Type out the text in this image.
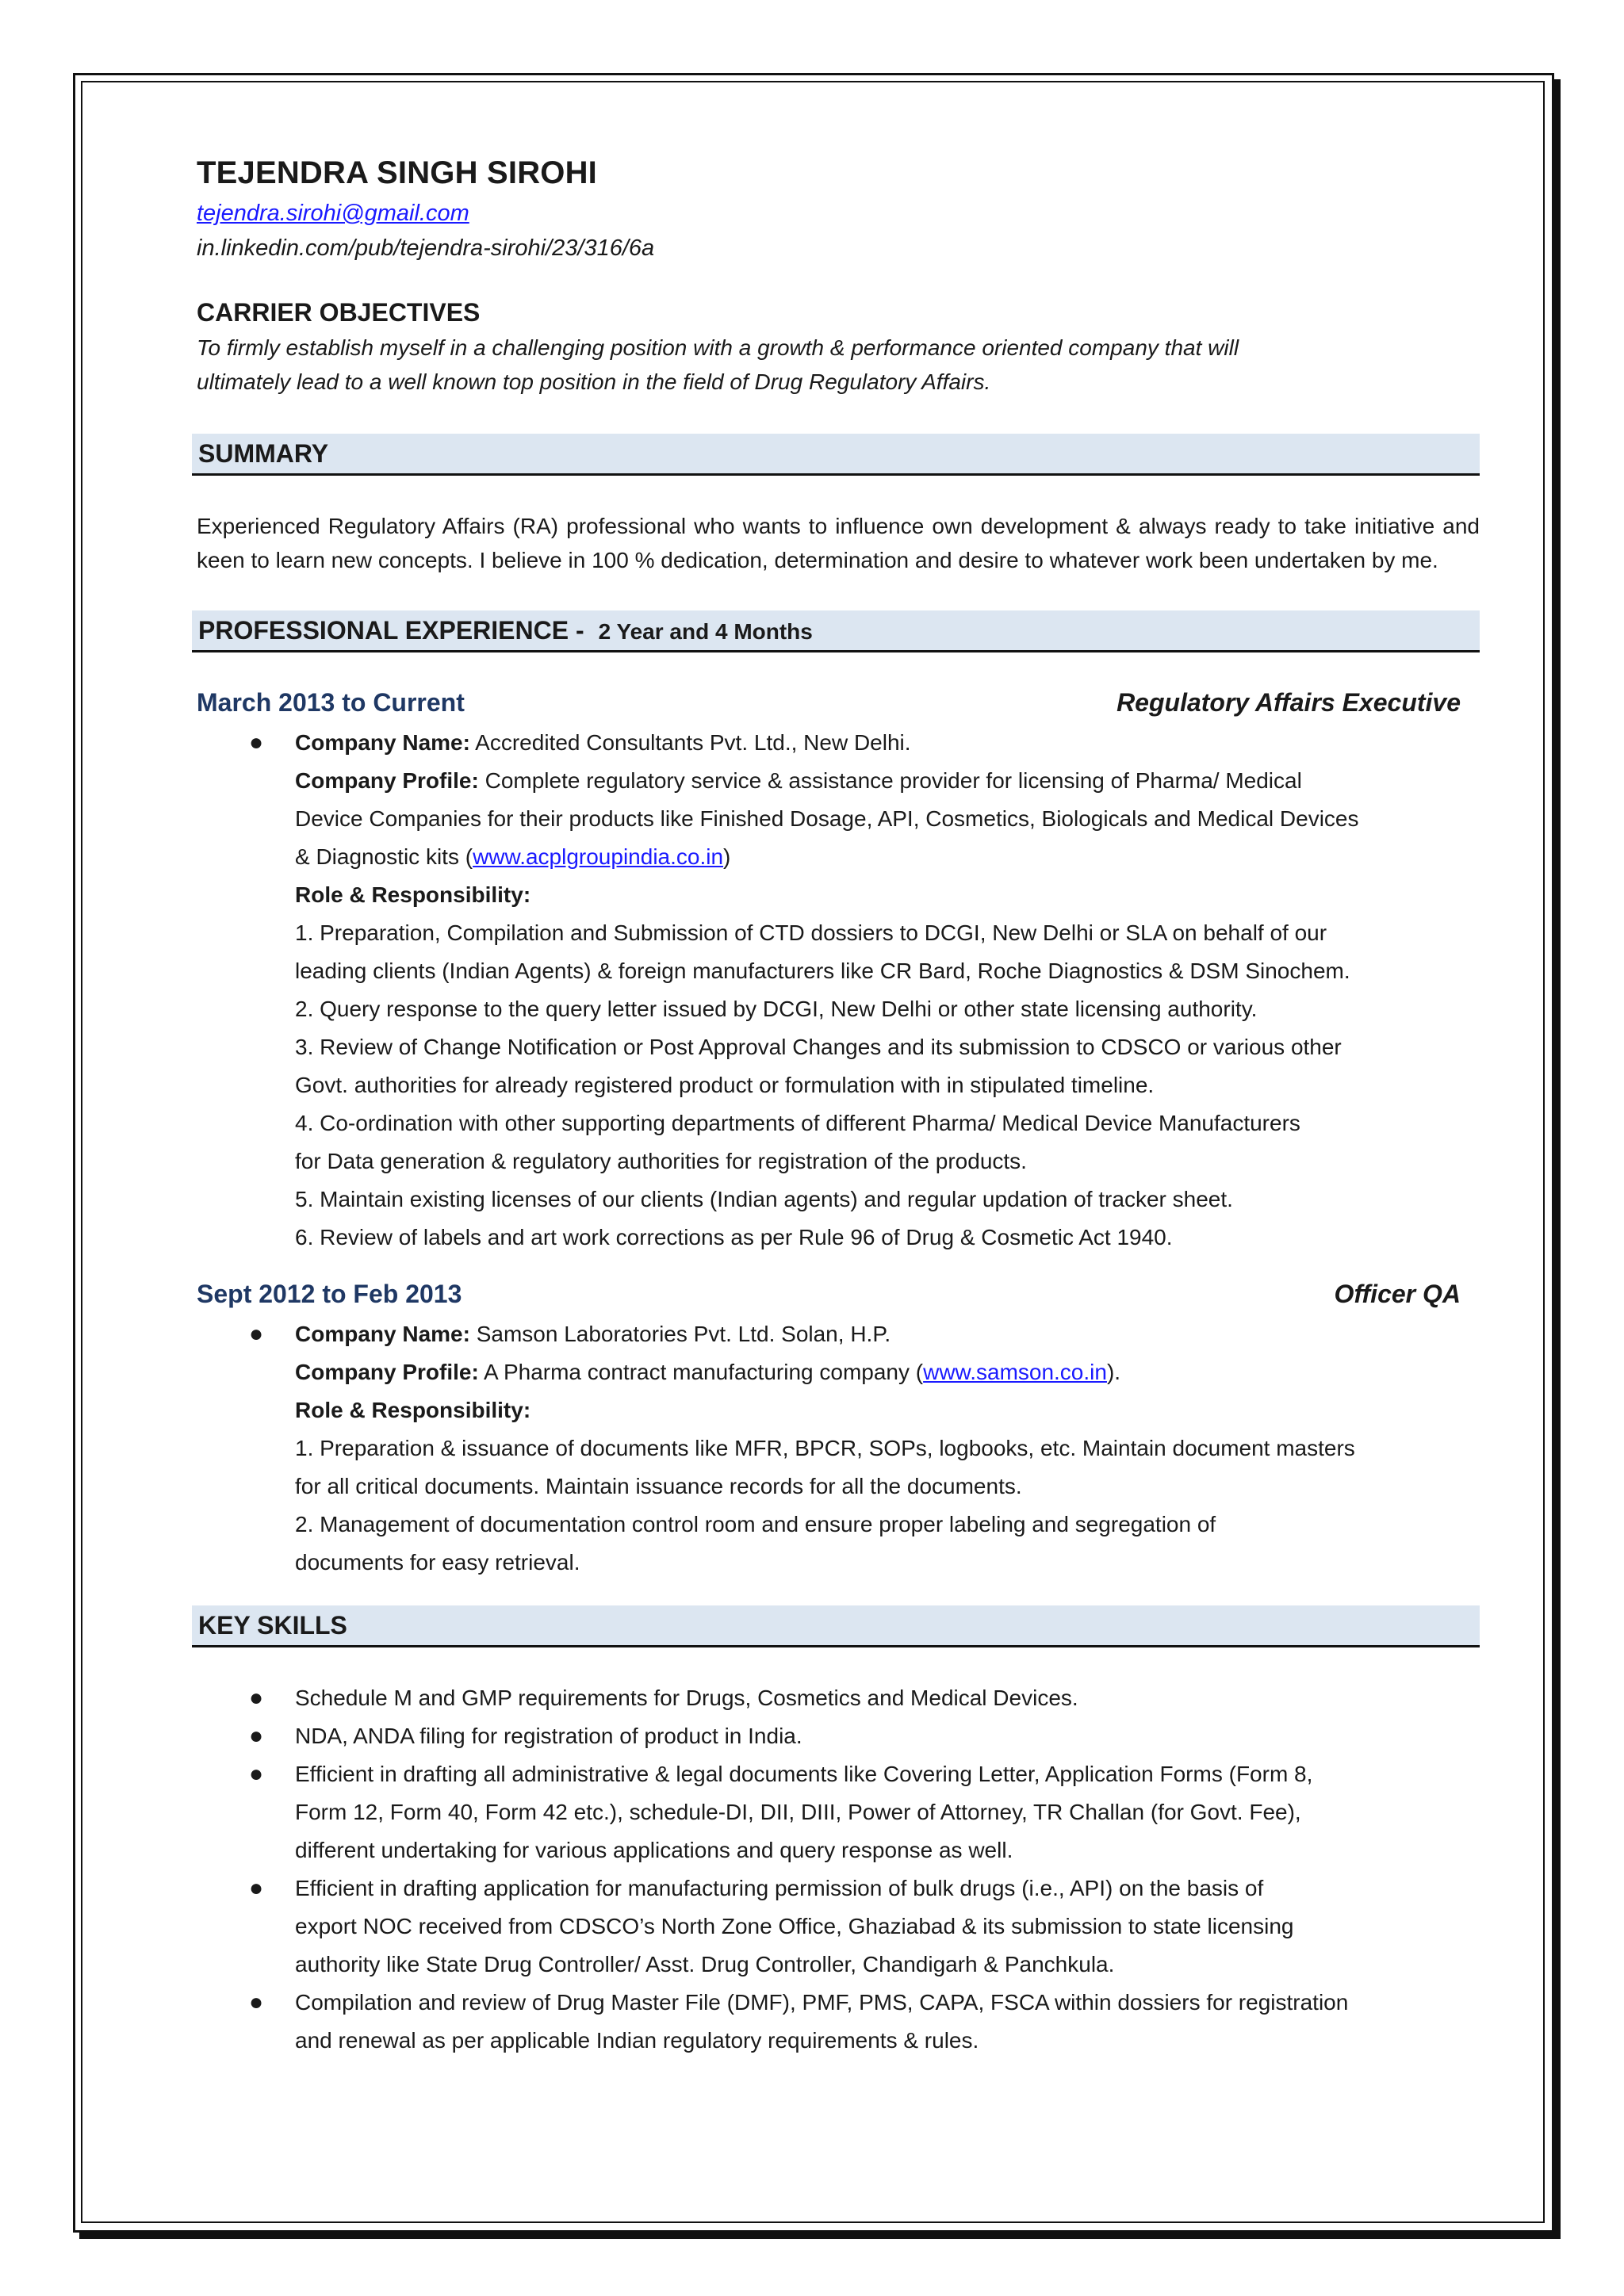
TEJENDRA SINGH SIROHI
tejendra.sirohi@gmail.com
in.linkedin.com/pub/tejendra-sirohi/23/316/6a
CARRIER OBJECTIVES
To firmly establish myself in a challenging position with a growth & performance oriented company that will
ultimately lead to a well known top position in the field of Drug Regulatory Affairs.
SUMMARY
Experienced Regulatory Affairs (RA) professional who wants to influence own development & always ready to take initiative and keen to learn new concepts. I believe in 100 % dedication, determination and desire to whatever work been undertaken by me.
PROFESSIONAL EXPERIENCE - 2 Year and 4 Months
March 2013 to Current	Regulatory Affairs Executive
● Company Name: Accredited Consultants Pvt. Ltd., New Delhi.
Company Profile: Complete regulatory service & assistance provider for licensing of Pharma/ Medical
Device Companies for their products like Finished Dosage, API, Cosmetics, Biologicals and Medical Devices
& Diagnostic kits (www.acplgroupindia.co.in)
Role & Responsibility:
1. Preparation, Compilation and Submission of CTD dossiers to DCGI, New Delhi or SLA on behalf of our
leading clients (Indian Agents) & foreign manufacturers like CR Bard, Roche Diagnostics & DSM Sinochem.
2. Query response to the query letter issued by DCGI, New Delhi or other state licensing authority.
3. Review of Change Notification or Post Approval Changes and its submission to CDSCO or various other
Govt. authorities for already registered product or formulation with in stipulated timeline.
4. Co-ordination with other supporting departments of different Pharma/ Medical Device Manufacturers
for Data generation & regulatory authorities for registration of the products.
5. Maintain existing licenses of our clients (Indian agents) and regular updation of tracker sheet.
6. Review of labels and art work corrections as per Rule 96 of Drug & Cosmetic Act 1940.
Sept 2012 to Feb 2013	Officer QA
● Company Name: Samson Laboratories Pvt. Ltd. Solan, H.P.
Company Profile: A Pharma contract manufacturing company (www.samson.co.in).
Role & Responsibility:
1. Preparation & issuance of documents like MFR, BPCR, SOPs, logbooks, etc. Maintain document masters
for all critical documents. Maintain issuance records for all the documents.
2. Management of documentation control room and ensure proper labeling and segregation of
documents for easy retrieval.
KEY SKILLS
● Schedule M and GMP requirements for Drugs, Cosmetics and Medical Devices.
● NDA, ANDA filing for registration of product in India.
● Efficient in drafting all administrative & legal documents like Covering Letter, Application Forms (Form 8,
Form 12, Form 40, Form 42 etc.), schedule-DI, DII, DIII, Power of Attorney, TR Challan (for Govt. Fee),
different undertaking for various applications and query response as well.
● Efficient in drafting application for manufacturing permission of bulk drugs (i.e., API) on the basis of
export NOC received from CDSCO’s North Zone Office, Ghaziabad & its submission to state licensing
authority like State Drug Controller/ Asst. Drug Controller, Chandigarh & Panchkula.
● Compilation and review of Drug Master File (DMF), PMF, PMS, CAPA, FSCA within dossiers for registration
and renewal as per applicable Indian regulatory requirements & rules.
